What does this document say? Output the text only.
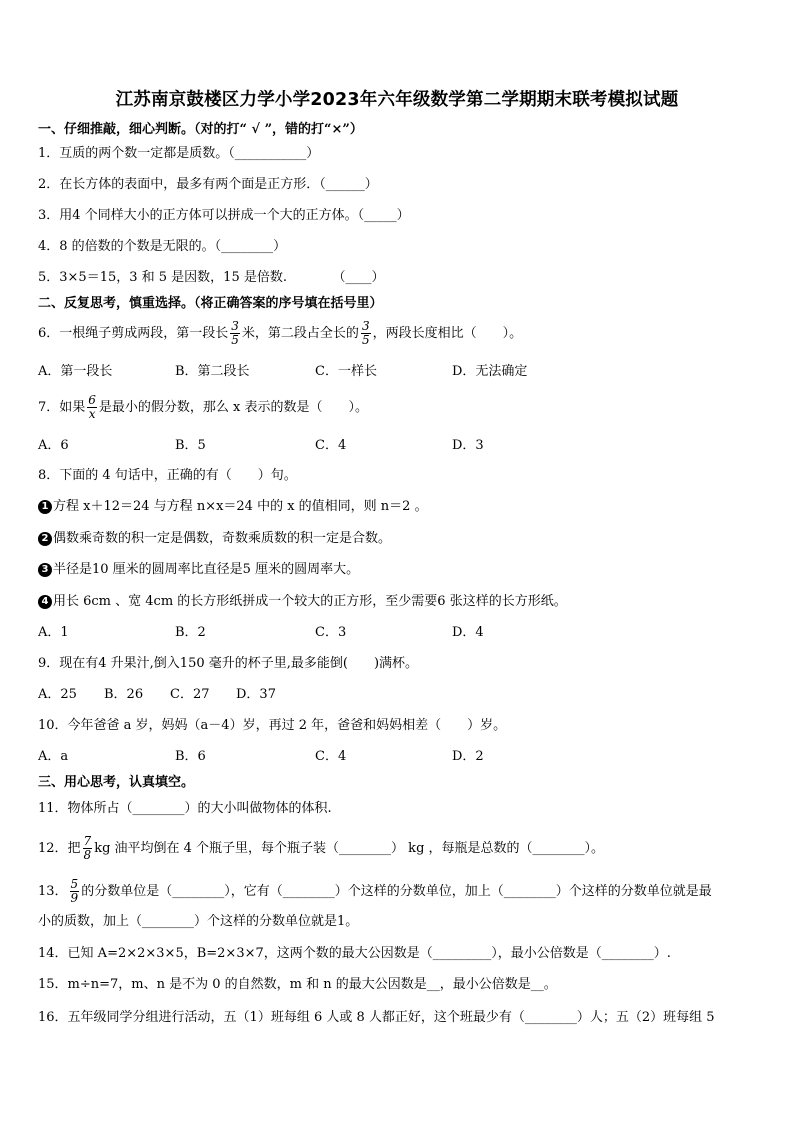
江苏南京鼓楼区力学小学2023年六年级数学第二学期期末联考模拟试题
一、仔细推敲，细心判断。（对的打“ √ ”，错的打“×”）
1．互质的两个数一定都是质数。（___________）
2．在长方体的表面中，最多有两个面是正方形．（______）
3．用4 个同样大小的正方体可以拼成一个大的正方体。（_____）
4．8 的倍数的个数是无限的。（________）
5．3×5＝15，3 和 5 是因数，15 是倍数.　　　　（____）
二、反复思考，慎重选择。（将正确答案的序号填在括号里）
6．一根绳子剪成两段，第一段长 $\frac{3}{5}$ 米，第二段占全长的 $\frac{3}{5}$ ，两段长度相比（　　）。
A．第一段长	B．第二段长	C．一样长	D．无法确定
7．如果 $\frac{6}{x}$ 是最小的假分数，那么 x 表示的数是（　　）。
A．6	B．5	C．4	D．3
8．下面的 4 句话中，正确的有（　　）句。
1 方程 x＋12＝24 与方程 n×x＝24 中的 x 的值相同，则 n＝2 。
2 偶数乘奇数的积一定是偶数，奇数乘质数的积一定是合数。
3 半径是10 厘米的圆周率比直径是5 厘米的圆周率大。
4 用长 6cm 、宽 4cm 的长方形纸拼成一个较大的正方形，至少需要6 张这样的长方形纸。
A．1	B．2	C．3	D．4
9．现在有4 升果汁,倒入150 毫升的杯子里,最多能倒(　　)满杯。
A．25 B．26 C．27 D．37
10．今年爸爸 a 岁，妈妈（a－4）岁，再过 2 年，爸爸和妈妈相差（　　）岁。
A．a	B．6	C．4	D．2
三、用心思考，认真填空。
11．物体所占（________）的大小叫做物体的体积.
12．把 $\frac{7}{8}$ kg 油平均倒在 4 个瓶子里，每个瓶子装（________） kg ，每瓶是总数的（________）。
13． $\frac{5}{9}$ 的分数单位是（________），它有（________）个这样的分数单位，加上（________）个这样的分数单位就是最
小的质数，加上（________）个这样的分数单位就是1。
14．已知 A=2×2×3×5，B=2×3×7，这两个数的最大公因数是（_________），最小公倍数是（________）.
15．m÷n=7，m、n 是不为 0 的自然数，m 和 n 的最大公因数是__，最小公倍数是__。
16．五年级同学分组进行活动，五（1）班每组 6 人或 8 人都正好，这个班最少有（________）人；五（2）班每组 5
